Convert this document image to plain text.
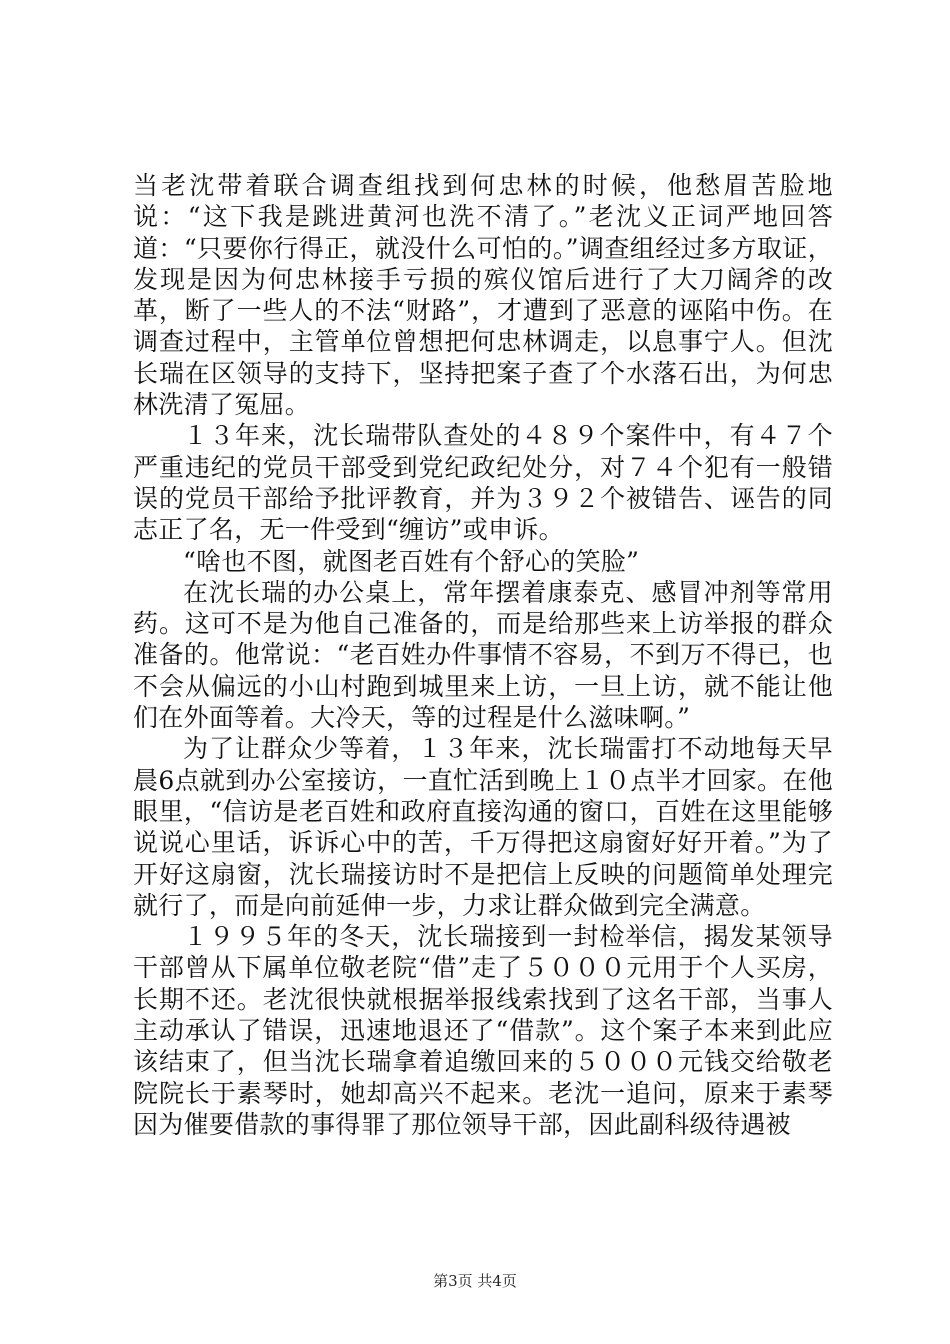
当老沈带着联合调查组找到何忠林的时候，他愁眉苦脸地说：“这下我是跳进黄河也洗不清了。”老沈义正词严地回答道：“只要你行得正，就没什么可怕的。”调查组经过多方取证，发现是因为何忠林接手亏损的殡仪馆后进行了大刀阔斧的改革，断了一些人的不法“财路”，才遭到了恶意的诬陷中伤。在调查过程中，主管单位曾想把何忠林调走，以息事宁人。但沈长瑞在区领导的支持下，坚持把案子查了个水落石出，为何忠林洗清了冤屈。

１３年来，沈长瑞带队查处的４８９个案件中，有４７个严重违纪的党员干部受到党纪政纪处分，对７４个犯有一般错误的党员干部给予批评教育，并为３９２个被错告、诬告的同志正了名，无一件受到“缠访”或申诉。

“啥也不图，就图老百姓有个舒心的笑脸”

在沈长瑞的办公桌上，常年摆着康泰克、感冒冲剂等常用药。这可不是为他自己准备的，而是给那些来上访举报的群众准备的。他常说：“老百姓办件事情不容易，不到万不得已，也不会从偏远的小山村跑到城里来上访，一旦上访，就不能让他们在外面等着。大冷天，等的过程是什么滋味啊。”

为了让群众少等着，１３年来，沈长瑞雷打不动地每天早晨6点就到办公室接访，一直忙活到晚上１０点半才回家。在他眼里，“信访是老百姓和政府直接沟通的窗口，百姓在这里能够说说心里话，诉诉心中的苦，千万得把这扇窗好好开着。”为了开好这扇窗，沈长瑞接访时不是把信上反映的问题简单处理完就行了，而是向前延伸一步，力求让群众做到完全满意。

１９９５年的冬天，沈长瑞接到一封检举信，揭发某领导干部曾从下属单位敬老院“借”走了５０００元用于个人买房，长期不还。老沈很快就根据举报线索找到了这名干部，当事人主动承认了错误，迅速地退还了“借款”。这个案子本来到此应该结束了，但当沈长瑞拿着追缴回来的５０００元钱交给敬老院院长于素琴时，她却高兴不起来。老沈一追问，原来于素琴因为催要借款的事得罪了那位领导干部，因此副科级待遇被

第3页 共4页
